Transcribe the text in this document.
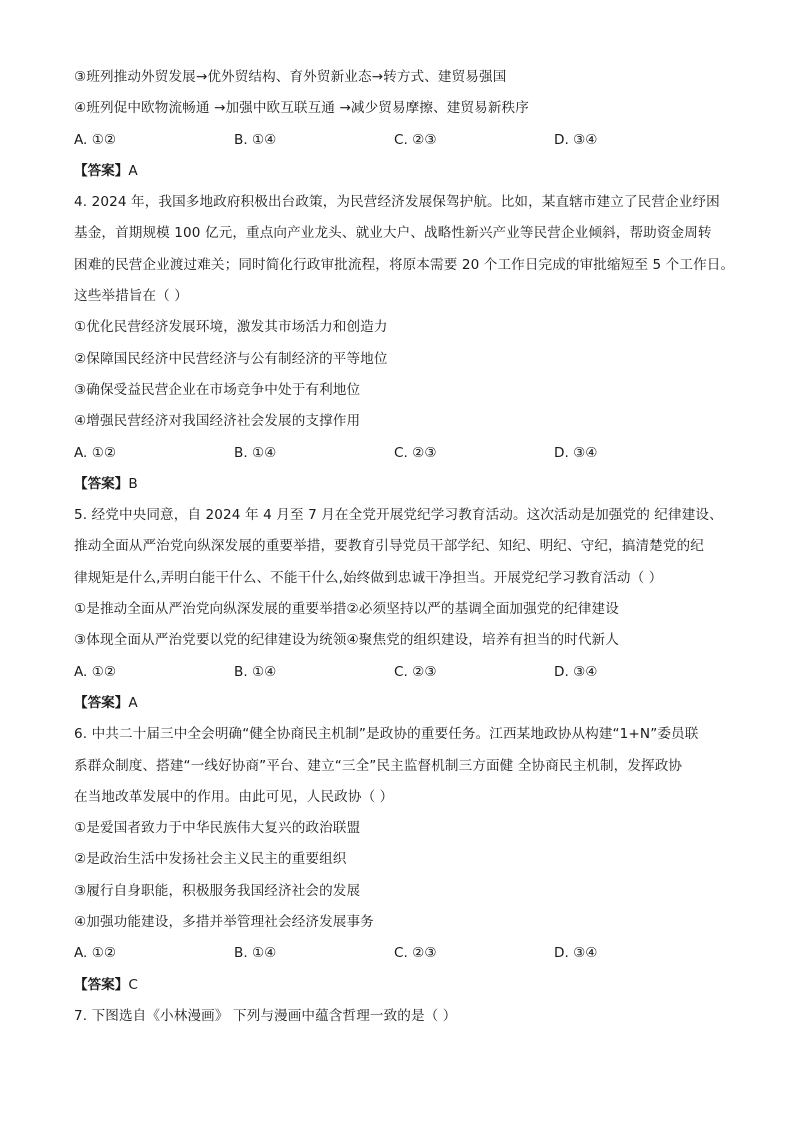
③班列推动外贸发展→优外贸结构、育外贸新业态→转方式、建贸易强国
④班列促中欧物流畅通 →加强中欧互联互通 →减少贸易摩擦、建贸易新秩序
A. ①②	B. ①④	C. ②③	D. ③④
【答案】A
4. 2024 年，我国多地政府积极出台政策，为民营经济发展保驾护航。比如，某直辖市建立了民营企业纾困
基金，首期规模 100 亿元，重点向产业龙头、就业大户、战略性新兴产业等民营企业倾斜，帮助资金周转
困难的民营企业渡过难关；同时简化行政审批流程，将原本需要 20 个工作日完成的审批缩短至 5 个工作日。
这些举措旨在（ ）
①优化民营经济发展环境，激发其市场活力和创造力
②保障国民经济中民营经济与公有制经济的平等地位
③确保受益民营企业在市场竞争中处于有利地位
④增强民营经济对我国经济社会发展的支撑作用
A. ①②	B. ①④	C. ②③	D. ③④
【答案】B
5. 经党中央同意，自 2024 年 4 月至 7 月在全党开展党纪学习教育活动。这次活动是加强党的 纪律建设、
推动全面从严治党向纵深发展的重要举措，要教育引导党员干部学纪、知纪、明纪、守纪，搞清楚党的纪
律规矩是什么,弄明白能干什么、不能干什么,始终做到忠诚干净担当。开展党纪学习教育活动（ ）
①是推动全面从严治党向纵深发展的重要举措②必须坚持以严的基调全面加强党的纪律建设
③体现全面从严治党要以党的纪律建设为统领④聚焦党的组织建设，培养有担当的时代新人
A. ①②	B. ①④	C. ②③	D. ③④
【答案】A
6. 中共二十届三中全会明确“健全协商民主机制”是政协的重要任务。江西某地政协从构建“1+N”委员联
系群众制度、搭建“一线好协商”平台、建立“三全”民主监督机制三方面健 全协商民主机制，发挥政协
在当地改革发展中的作用。由此可见，人民政协（ ）
①是爱国者致力于中华民族伟大复兴的政治联盟
②是政治生活中发扬社会主义民主的重要组织
③履行自身职能，积极服务我国经济社会的发展
④加强功能建设，多措并举管理社会经济发展事务
A. ①②	B. ①④	C. ②③	D. ③④
【答案】C
7. 下图选自《小林漫画》 下列与漫画中蕴含哲理一致的是（ ）
